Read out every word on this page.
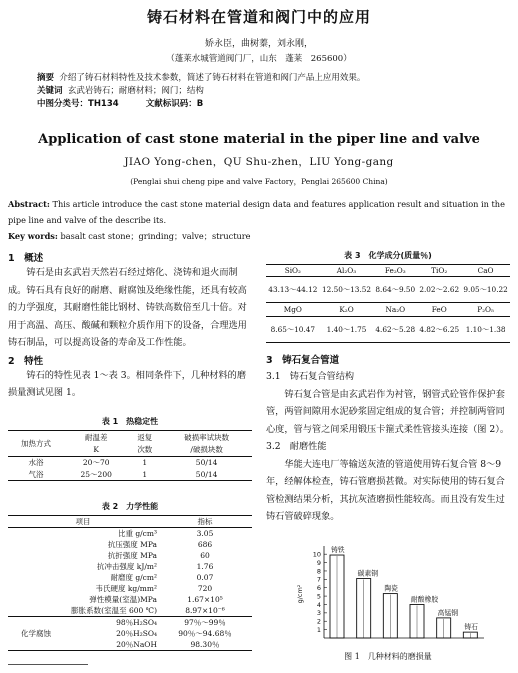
铸石材料在管道和阀门中的应用
娇永臣，曲树蓁，刘永刚，
（蓬莱水城管道阀门厂，山东　蓬莱　265600）
摘要 介绍了铸石材料特性及技术参数，简述了铸石材料在管道和阀门产品上应用效果。
关键词 玄武岩铸石；耐磨材料；阀门；结构
中图分类号：TH134	文献标识码：B
Application of cast stone material in the piper line and valve
JIAO Yong-chen，QU Shu-zhen，LIU Yong-gang
(Penglai shui cheng pipe and valve Factory，Penglai 265600 China)
Abstract: This article introduce the cast stone material design data and features application result and situation in the pipe line and valve of the describe its.
Key words: basalt cast stone；grinding；valve；structure
1　概述
铸石是由玄武岩天然岩石经过熔化、浇铸和退火而制成。铸石具有良好的耐磨、耐腐蚀及绝缘性能，还具有较高的力学强度，其耐磨性能比钢材、铸铁高数倍至几十倍。对用于高温、高压、酸碱和颗粒介质作用下的设备，合理选用铸石制品，可以提高设备的寿命及工作性能。
2　特性
铸石的特性见表 1～表 3。相同条件下，几种材料的磨损量测试见图 1。
表 1　热稳定性
加热方式	耐温差	返复	破损率试块数
	K	次数	/破损块数
水浴	20～70	1	50/14
气浴	25～200	1	50/14
表 2　力学性能
项目		指标
	比重 g/cm³	3.05
	抗压强度 MPa	686
	抗折强度 MPa	60
	抗冲击强度 kJ/m²	1.76
	耐磨度 g/cm²	0.07
	韦氏硬度 kg/mm²	720
	弹性模量(室温)MPa	1.67×10⁵
	膨胀系数(室温至 600 ℃)	8.97×10⁻⁶
化学腐蚀	98％H₂SO₄	97％～99％
	20％H₂SO₄	90％～94.68％
	20％NaOH	98.30％
表 3　化学成分(质量％)
SiO₂	Al₂O₃	Fe₂O₃	TiO₂	CaO
43.13～44.12	12.50～13.52	8.64～9.50	2.02～2.62	9.05～10.22
MgO	K₂O	Na₂O	FeO	P₂O₅
8.65～10.47	1.40～1.75	4.62～5.28	4.82～6.25	1.10～1.38
3　铸石复合管道
3.1　铸石复合管结构
铸石复合管是由玄武岩作为衬管，钢管式砼管作保护套管，两管间隙用水泥砂浆固定组成的复合管；并控制两管同心度，管与管之间采用锻压卡箍式柔性管接头连接（图 2）。
3.2　耐磨性能
华能大连电厂等输送灰渣的管道使用铸石复合管 8～9 年，经解体检查，铸石管磨损甚微。对实际使用的铸石复合管检测结果分析，其抗灰渣磨损性能较高。而且没有发生过铸石管破碎现象。
1
2
3
4
5
6
7
8
9
10
g/cm²
铸铁
碳素钢
陶瓷
耐酸橡胶
高锰钢
铸石
图 1　几种材料的磨损量
